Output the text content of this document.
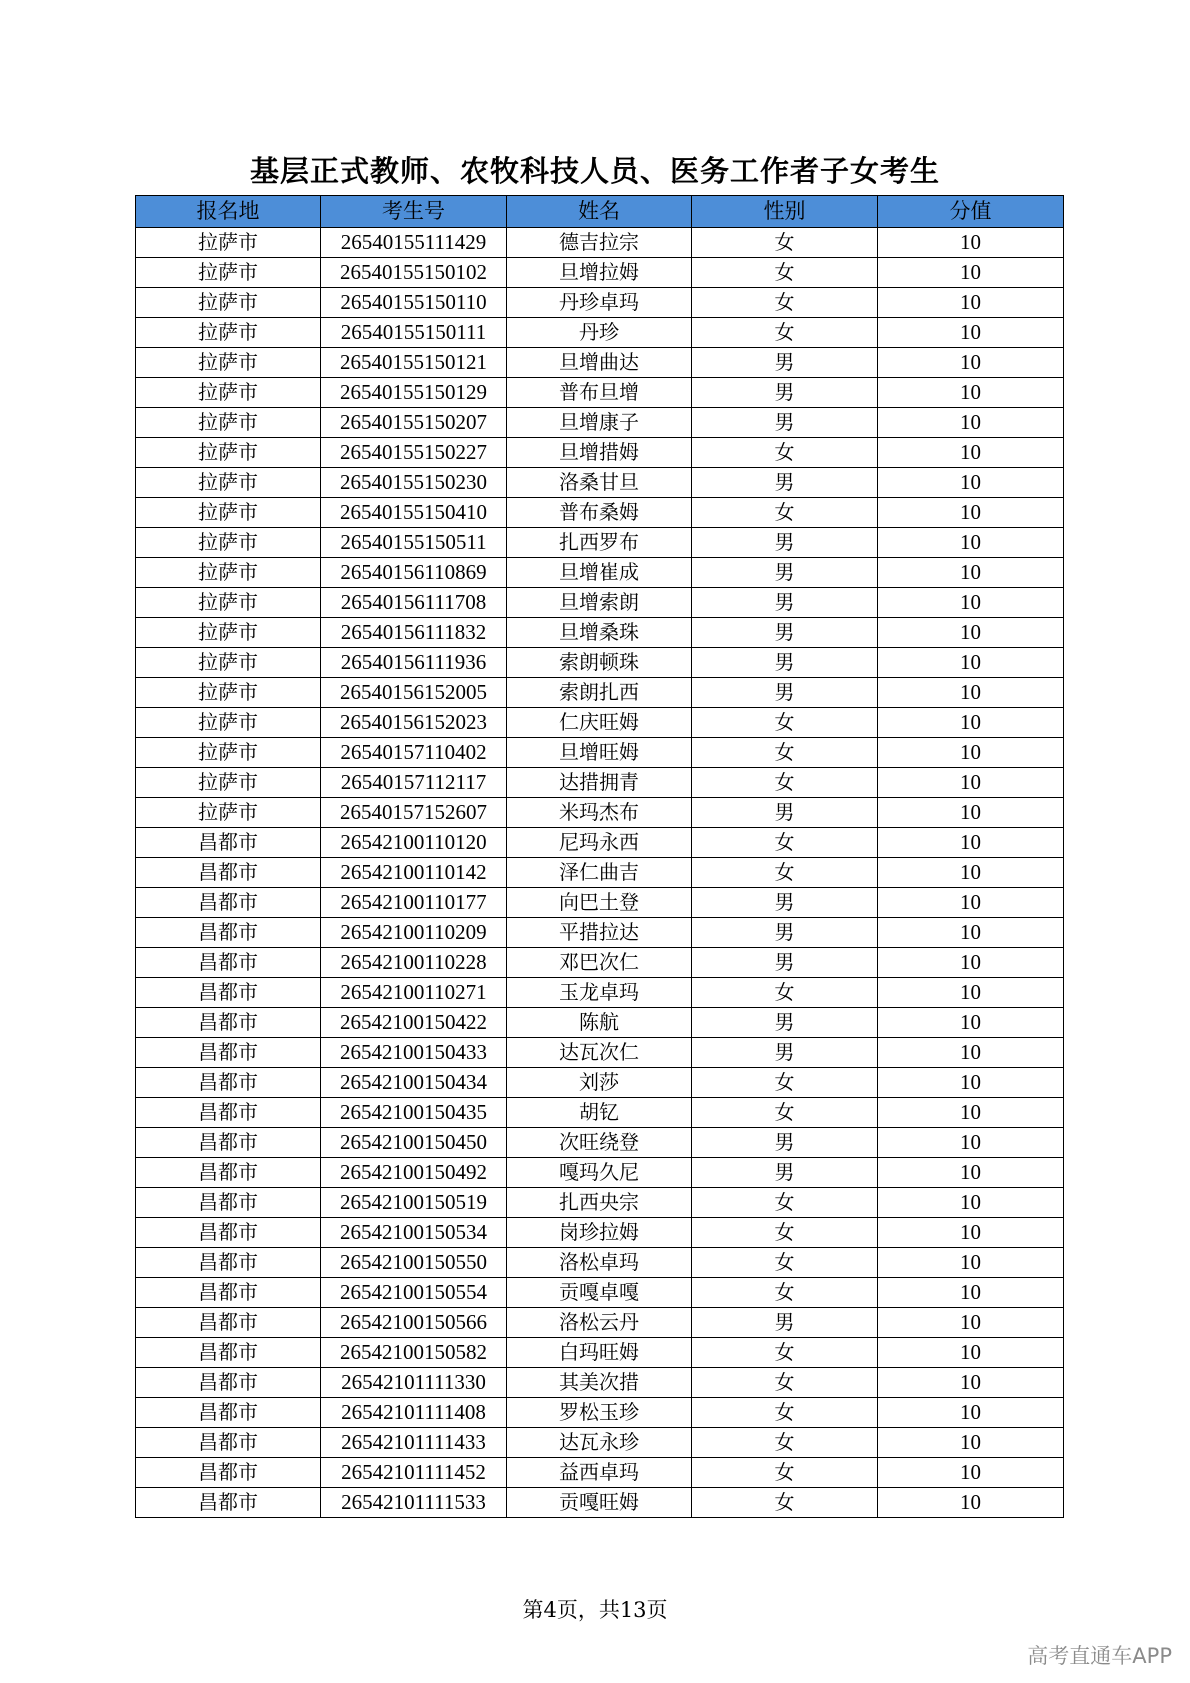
基层正式教师、农牧科技人员、医务工作者子女考生
报名地	考生号	姓名	性别	分值
拉萨市	26540155111429	德吉拉宗	女	10
拉萨市	26540155150102	旦增拉姆	女	10
拉萨市	26540155150110	丹珍卓玛	女	10
拉萨市	26540155150111	丹珍	女	10
拉萨市	26540155150121	旦增曲达	男	10
拉萨市	26540155150129	普布旦增	男	10
拉萨市	26540155150207	旦增康子	男	10
拉萨市	26540155150227	旦增措姆	女	10
拉萨市	26540155150230	洛桑甘旦	男	10
拉萨市	26540155150410	普布桑姆	女	10
拉萨市	26540155150511	扎西罗布	男	10
拉萨市	26540156110869	旦增崔成	男	10
拉萨市	26540156111708	旦增索朗	男	10
拉萨市	26540156111832	旦增桑珠	男	10
拉萨市	26540156111936	索朗顿珠	男	10
拉萨市	26540156152005	索朗扎西	男	10
拉萨市	26540156152023	仁庆旺姆	女	10
拉萨市	26540157110402	旦增旺姆	女	10
拉萨市	26540157112117	达措拥青	女	10
拉萨市	26540157152607	米玛杰布	男	10
昌都市	26542100110120	尼玛永西	女	10
昌都市	26542100110142	泽仁曲吉	女	10
昌都市	26542100110177	向巴土登	男	10
昌都市	26542100110209	平措拉达	男	10
昌都市	26542100110228	邓巴次仁	男	10
昌都市	26542100110271	玉龙卓玛	女	10
昌都市	26542100150422	陈航	男	10
昌都市	26542100150433	达瓦次仁	男	10
昌都市	26542100150434	刘莎	女	10
昌都市	26542100150435	胡钇	女	10
昌都市	26542100150450	次旺绕登	男	10
昌都市	26542100150492	嘎玛久尼	男	10
昌都市	26542100150519	扎西央宗	女	10
昌都市	26542100150534	岗珍拉姆	女	10
昌都市	26542100150550	洛松卓玛	女	10
昌都市	26542100150554	贡嘎卓嘎	女	10
昌都市	26542100150566	洛松云丹	男	10
昌都市	26542100150582	白玛旺姆	女	10
昌都市	26542101111330	其美次措	女	10
昌都市	26542101111408	罗松玉珍	女	10
昌都市	26542101111433	达瓦永珍	女	10
昌都市	26542101111452	益西卓玛	女	10
昌都市	26542101111533	贡嘎旺姆	女	10
第4页，共13页
高考直通车APP
